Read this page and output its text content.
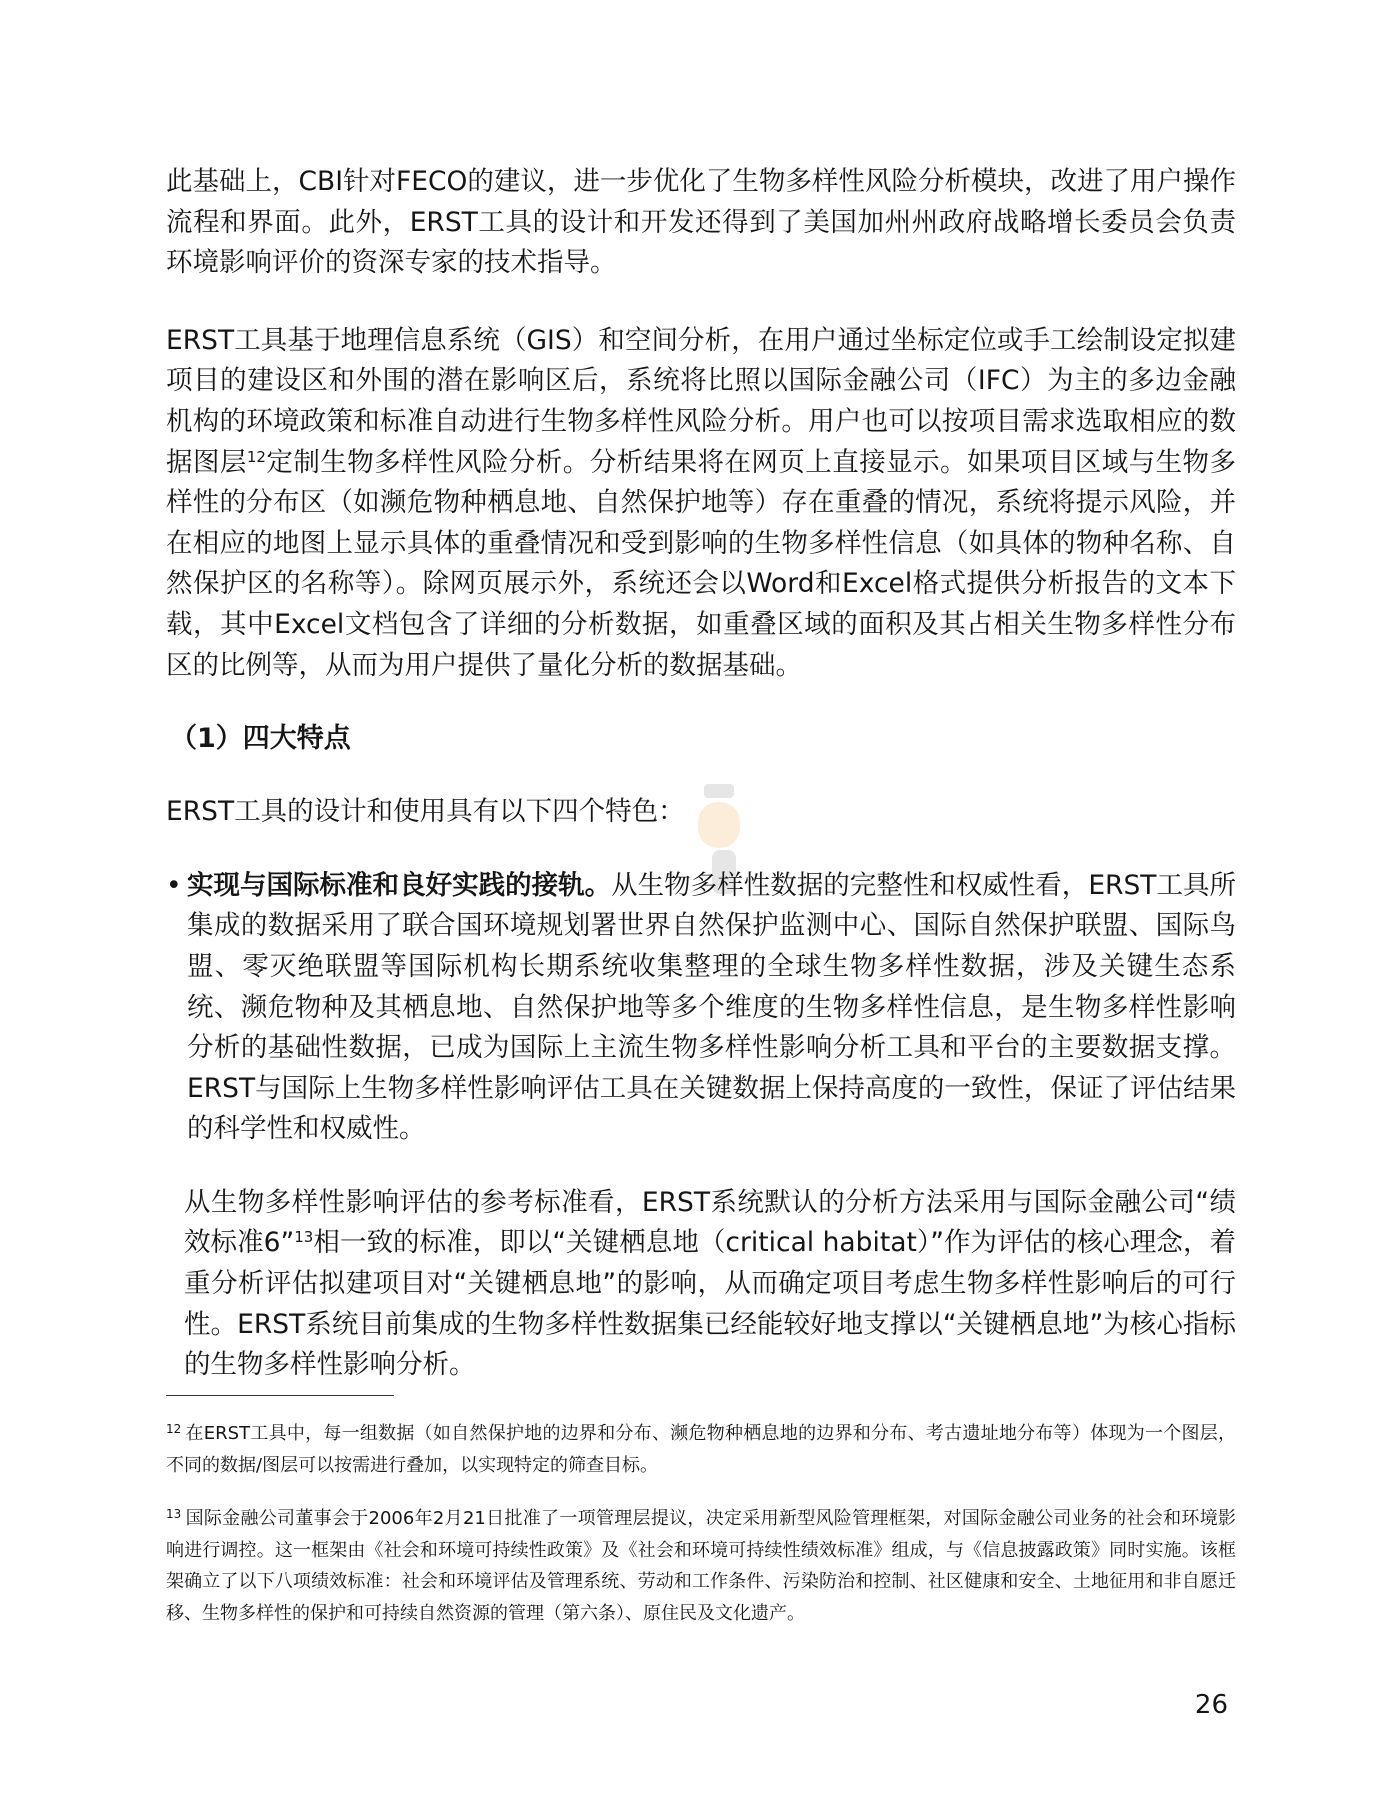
此基础上，CBI针对FECO的建议，进一步优化了生物多样性风险分析模块，改进了用户操作流程和界面。此外，ERST工具的设计和开发还得到了美国加州州政府战略增长委员会负责环境影响评价的资深专家的技术指导。

ERST工具基于地理信息系统（GIS）和空间分析，在用户通过坐标定位或手工绘制设定拟建项目的建设区和外围的潜在影响区后，系统将比照以国际金融公司（IFC）为主的多边金融机构的环境政策和标准自动进行生物多样性风险分析。用户也可以按项目需求选取相应的数据图层$^{12}$定制生物多样性风险分析。分析结果将在网页上直接显示。如果项目区域与生物多样性的分布区（如濒危物种栖息地、自然保护地等）存在重叠的情况，系统将提示风险，并在相应的地图上显示具体的重叠情况和受到影响的生物多样性信息（如具体的物种名称、自然保护区的名称等）。除网页展示外，系统还会以Word和Excel格式提供分析报告的文本下载，其中Excel文档包含了详细的分析数据，如重叠区域的面积及其占相关生物多样性分布区的比例等，从而为用户提供了量化分析的数据基础。

（1）四大特点

ERST工具的设计和使用具有以下四个特色：

• 实现与国际标准和良好实践的接轨。从生物多样性数据的完整性和权威性看，ERST工具所集成的数据采用了联合国环境规划署世界自然保护监测中心、国际自然保护联盟、国际鸟盟、零灭绝联盟等国际机构长期系统收集整理的全球生物多样性数据，涉及关键生态系统、濒危物种及其栖息地、自然保护地等多个维度的生物多样性信息，是生物多样性影响分析的基础性数据，已成为国际上主流生物多样性影响分析工具和平台的主要数据支撑。ERST与国际上生物多样性影响评估工具在关键数据上保持高度的一致性，保证了评估结果的科学性和权威性。

从生物多样性影响评估的参考标准看，ERST系统默认的分析方法采用与国际金融公司“绩效标准6”$^{13}$相一致的标准，即以“关键栖息地（critical habitat）”作为评估的核心理念，着重分析评估拟建项目对“关键栖息地”的影响，从而确定项目考虑生物多样性影响后的可行性。ERST系统目前集成的生物多样性数据集已经能较好地支撑以“关键栖息地”为核心指标的生物多样性影响分析。

$^{12}$ 在ERST工具中，每一组数据（如自然保护地的边界和分布、濒危物种栖息地的边界和分布、考古遗址地分布等）体现为一个图层，不同的数据/图层可以按需进行叠加，以实现特定的筛查目标。

$^{13}$ 国际金融公司董事会于2006年2月21日批准了一项管理层提议，决定采用新型风险管理框架，对国际金融公司业务的社会和环境影响进行调控。这一框架由《社会和环境可持续性政策》及《社会和环境可持续性绩效标准》组成，与《信息披露政策》同时实施。该框架确立了以下八项绩效标准：社会和环境评估及管理系统、劳动和工作条件、污染防治和控制、社区健康和安全、土地征用和非自愿迁移、生物多样性的保护和可持续自然资源的管理（第六条）、原住民及文化遗产。

26
